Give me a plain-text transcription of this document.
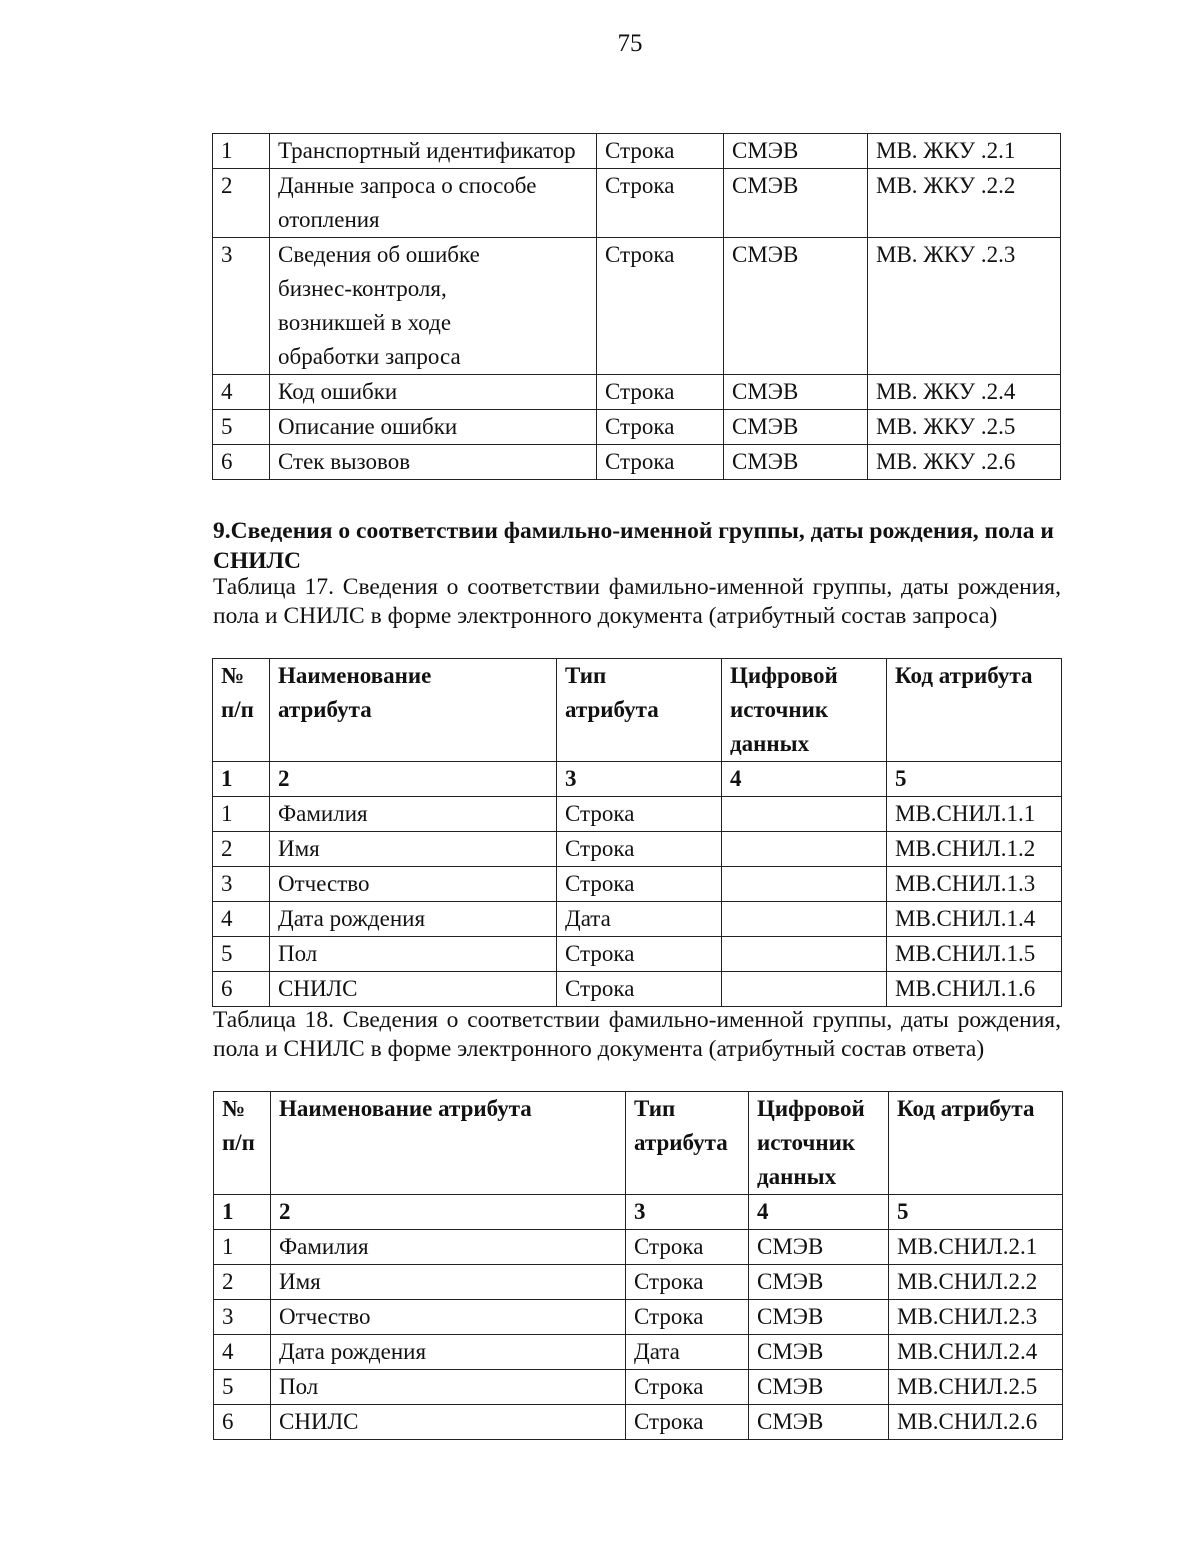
75
1	Транспортный идентификатор	Строка	СМЭВ	МВ. ЖКУ .2.1
2	Данные запроса о способе отопления	Строка	СМЭВ	МВ. ЖКУ .2.2
3	Сведения об ошибке бизнес-контроля, возникшей в ходе обработки запроса	Строка	СМЭВ	МВ. ЖКУ .2.3
4	Код ошибки	Строка	СМЭВ	МВ. ЖКУ .2.4
5	Описание ошибки	Строка	СМЭВ	МВ. ЖКУ .2.5
6	Стек вызовов	Строка	СМЭВ	МВ. ЖКУ .2.6
9.Сведения о соответствии фамильно-именной группы, даты рождения, пола и СНИЛС
Таблица 17. Сведения о соответствии фамильно-именной группы, даты рождения, пола и СНИЛС в форме электронного документа (атрибутный состав запроса)
№ п/п	Наименование атрибута	Тип атрибута	Цифровой источник данных	Код атрибута
1	2	3	4	5
1	Фамилия	Строка		МВ.СНИЛ.1.1
2	Имя	Строка		МВ.СНИЛ.1.2
3	Отчество	Строка		МВ.СНИЛ.1.3
4	Дата рождения	Дата		МВ.СНИЛ.1.4
5	Пол	Строка		МВ.СНИЛ.1.5
6	СНИЛС	Строка		МВ.СНИЛ.1.6
Таблица 18. Сведения о соответствии фамильно-именной группы, даты рождения, пола и СНИЛС в форме электронного документа (атрибутный состав ответа)
№ п/п	Наименование атрибута	Тип атрибута	Цифровой источник данных	Код атрибута
1	2	3	4	5
1	Фамилия	Строка	СМЭВ	МВ.СНИЛ.2.1
2	Имя	Строка	СМЭВ	МВ.СНИЛ.2.2
3	Отчество	Строка	СМЭВ	МВ.СНИЛ.2.3
4	Дата рождения	Дата	СМЭВ	МВ.СНИЛ.2.4
5	Пол	Строка	СМЭВ	МВ.СНИЛ.2.5
6	СНИЛС	Строка	СМЭВ	МВ.СНИЛ.2.6
